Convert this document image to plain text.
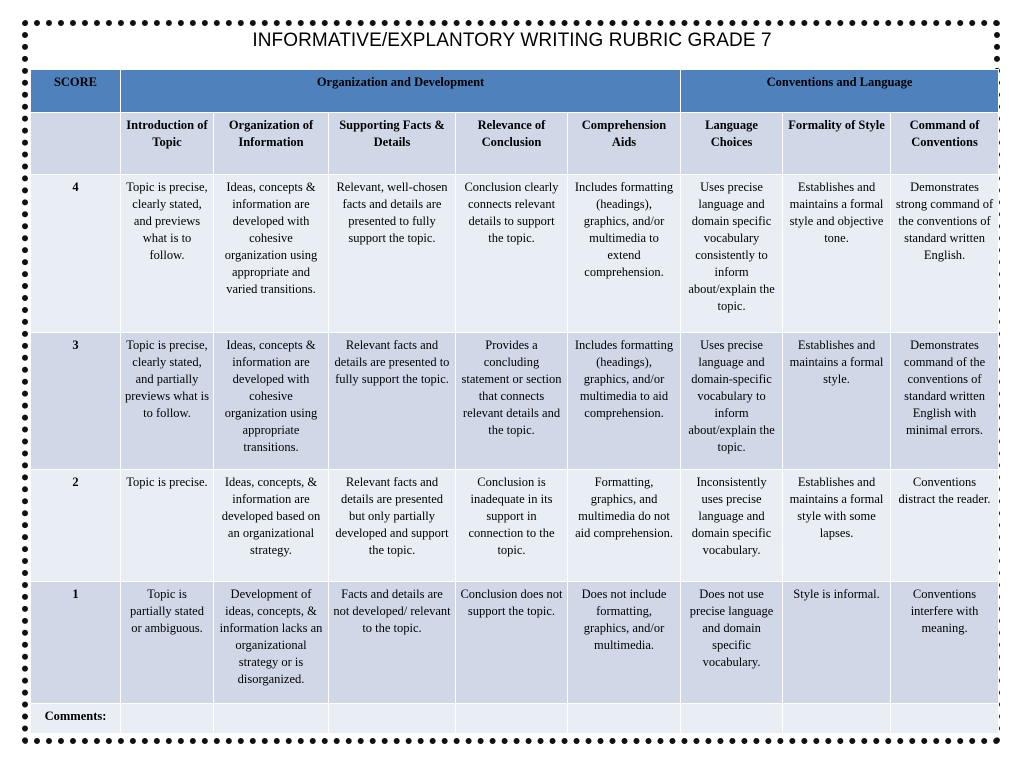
INFORMATIVE/EXPLANTORY WRITING RUBRIC GRADE 7
SCORE	Organization and Development					Conventions and Language		
	Introduction of Topic	Organization of Information	Supporting Facts & Details	Relevance of Conclusion	Comprehension Aids	Language Choices	Formality of Style	Command of Conventions
4	Topic is precise, clearly stated, and previews what is to follow.	Ideas, concepts & information are developed with cohesive organization using appropriate and varied transitions.	Relevant, well-chosen facts and details are presented to fully support the topic.	Conclusion clearly connects relevant details to support the topic.	Includes formatting (headings), graphics, and/or multimedia to extend comprehension.	Uses precise language and domain specific vocabulary consistently to inform about/explain the topic.	Establishes and maintains a formal style and objective tone.	Demonstrates strong command of the conventions of standard written English.
3	Topic is precise, clearly stated, and partially previews what is to follow.	Ideas, concepts & information are developed with cohesive organization using appropriate transitions.	Relevant facts and details are presented to fully support the topic.	Provides a concluding statement or section that connects relevant details and the topic.	Includes formatting (headings), graphics, and/or multimedia to aid comprehension.	Uses precise language and domain-specific vocabulary to inform about/explain the topic.	Establishes and maintains a formal style.	Demonstrates command of the conventions of standard written English with minimal errors.
2	Topic is precise.	Ideas, concepts, & information are developed based on an organizational strategy.	Relevant facts and details are presented but only partially developed and support the topic.	Conclusion is inadequate in its support in connection to the topic.	Formatting, graphics, and multimedia do not aid comprehension.	Inconsistently uses precise language and domain specific vocabulary.	Establishes and maintains a formal style with some lapses.	Conventions distract the reader.
1	Topic is partially stated or ambiguous.	Development of ideas, concepts, & information lacks an organizational strategy or is disorganized.	Facts and details are not developed/ relevant to the topic.	Conclusion does not support the topic.	Does not include formatting, graphics, and/or multimedia.	Does not use precise language and domain specific vocabulary.	Style is informal.	Conventions interfere with meaning.
Comments:								
